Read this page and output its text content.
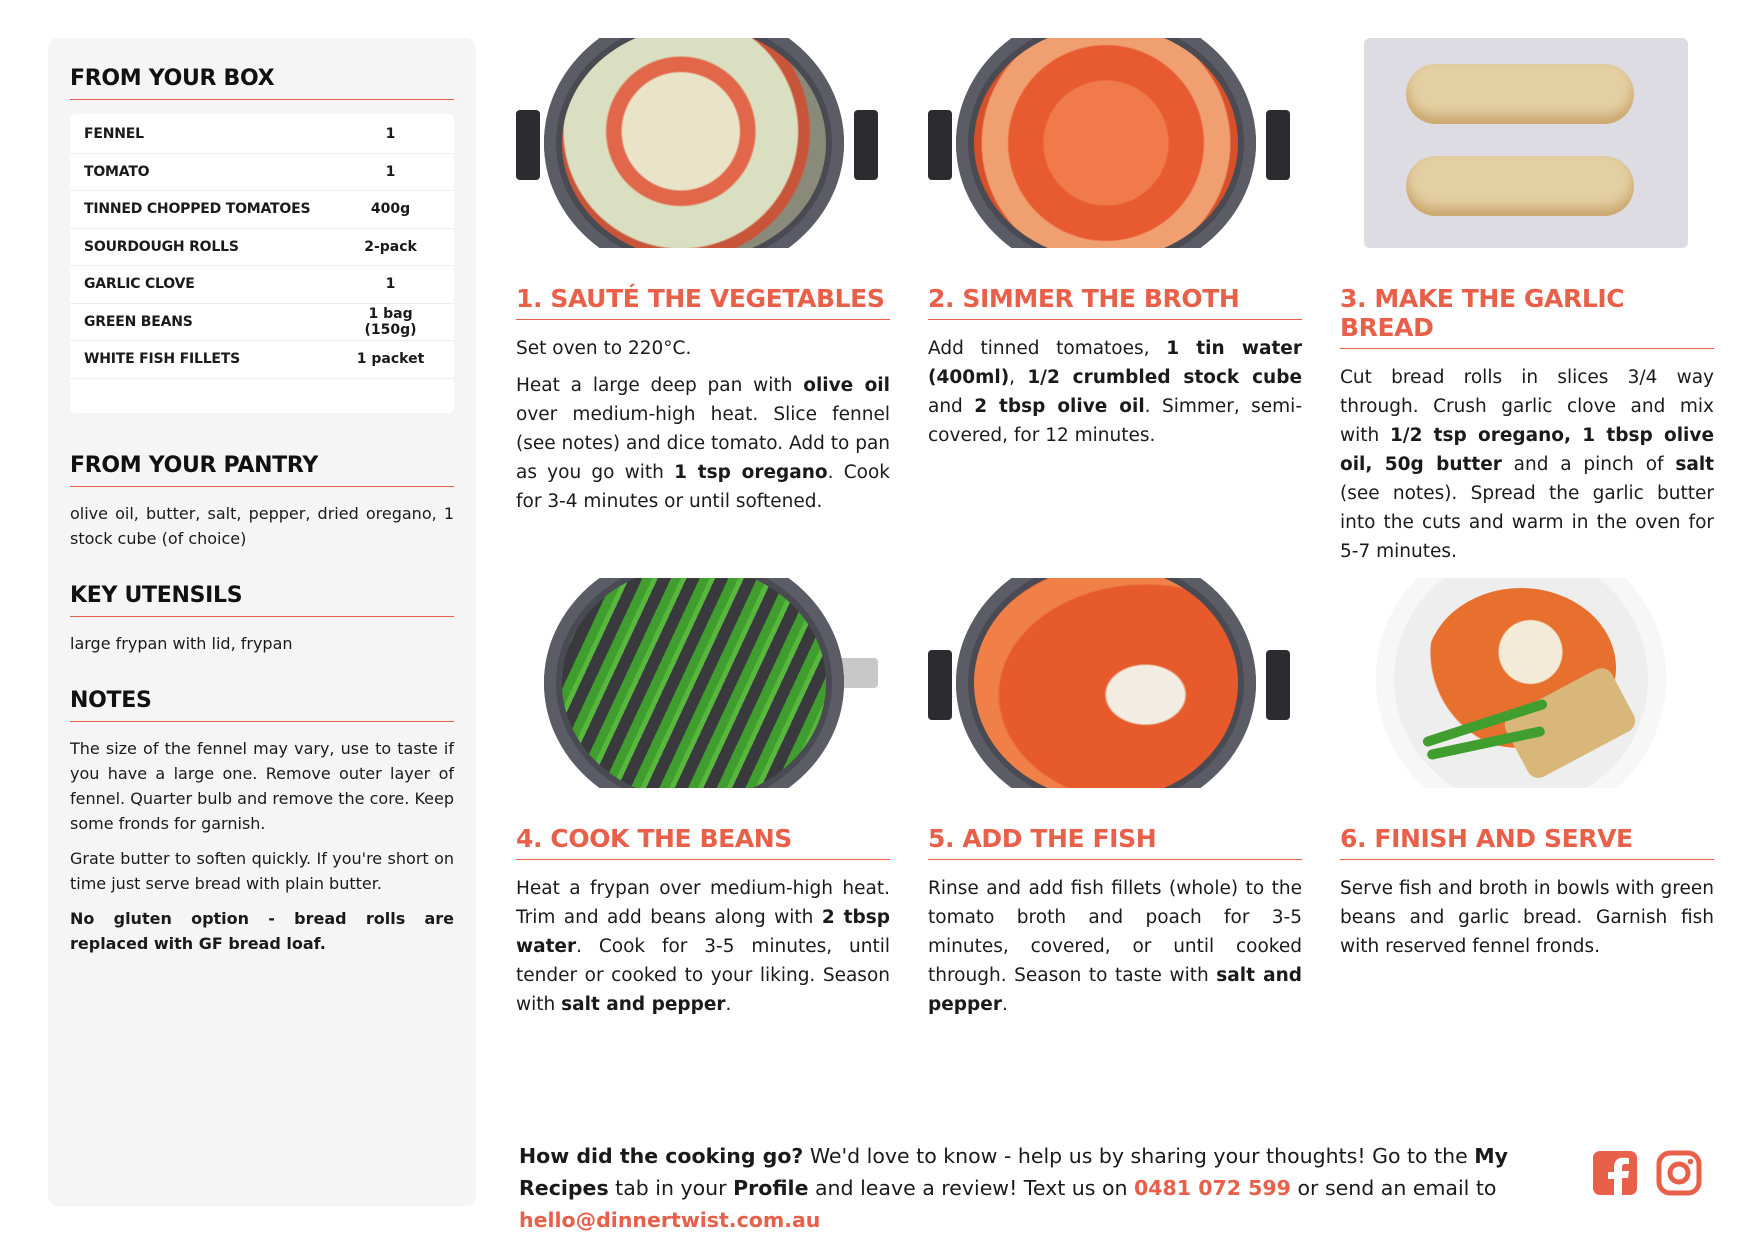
FROM YOUR BOX
FENNEL	1
TOMATO	1
TINNED CHOPPED TOMATOES	400g
SOURDOUGH ROLLS	2-pack
GARLIC CLOVE	1
GREEN BEANS	1 bag (150g)
WHITE FISH FILLETS	1 packet
FROM YOUR PANTRY

olive oil, butter, salt, pepper, dried oregano, 1 stock cube (of choice)

KEY UTENSILS

large frypan with lid, frypan

NOTES

The size of the fennel may vary, use to taste if you have a large one. Remove outer layer of fennel. Quarter bulb and remove the core. Keep some fronds for garnish.

Grate butter to soften quickly. If you're short on time just serve bread with plain butter.

No gluten option - bread rolls are replaced with GF bread loaf.

1. SAUTÉ THE VEGETABLES

Set oven to 220°C.

Heat a large deep pan with olive oil over medium-high heat. Slice fennel (see notes) and dice tomato. Add to pan as you go with 1 tsp oregano. Cook for 3-4 minutes or until softened.

2. SIMMER THE BROTH

Add tinned tomatoes, 1 tin water (400ml), 1/2 crumbled stock cube and 2 tbsp olive oil. Simmer, semi-covered, for 12 minutes.

3. MAKE THE GARLIC BREAD

Cut bread rolls in slices 3/4 way through. Crush garlic clove and mix with 1/2 tsp oregano, 1 tbsp olive oil, 50g butter and a pinch of salt (see notes). Spread the garlic butter into the cuts and warm in the oven for 5-7 minutes.

4. COOK THE BEANS

Heat a frypan over medium-high heat. Trim and add beans along with 2 tbsp water. Cook for 3-5 minutes, until tender or cooked to your liking. Season with salt and pepper.

5. ADD THE FISH

Rinse and add fish fillets (whole) to the tomato broth and poach for 3-5 minutes, covered, or until cooked through. Season to taste with salt and pepper.

6. FINISH AND SERVE

Serve fish and broth in bowls with green beans and garlic bread. Garnish fish with reserved fennel fronds.

How did the cooking go? We'd love to know - help us by sharing your thoughts! Go to the My Recipes tab in your Profile and leave a review! Text us on 0481 072 599 or send an email to hello@dinnertwist.com.au
